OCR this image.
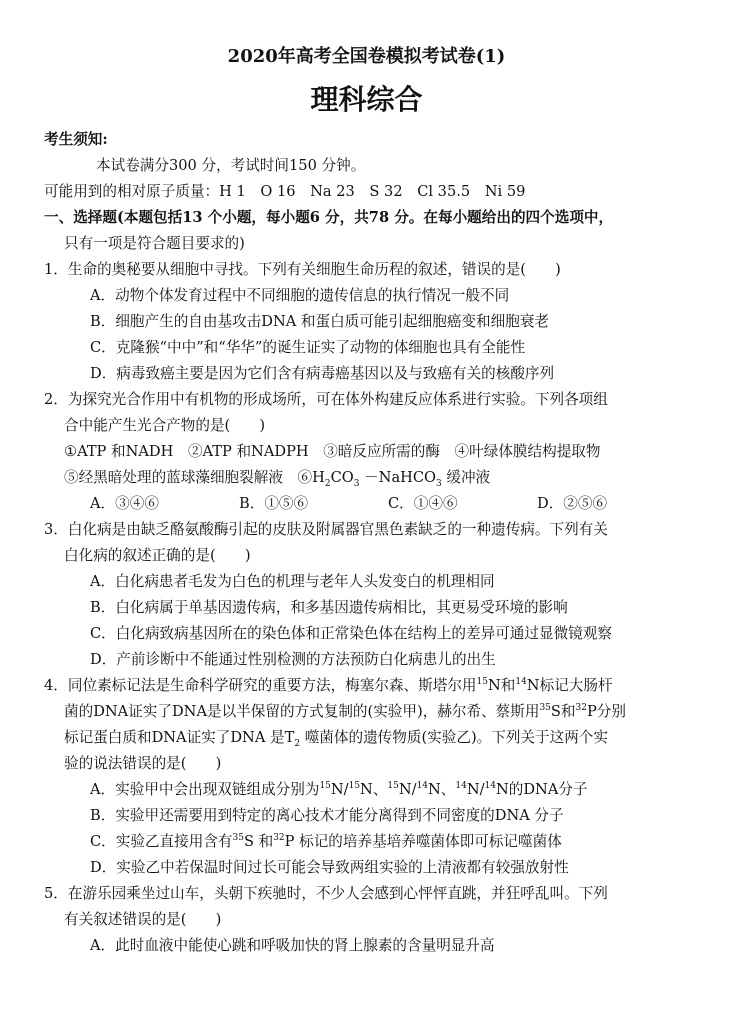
2020年高考全国卷模拟考试卷(1)
理科综合
考生须知:
本试卷满分300 分，考试时间150 分钟。
可能用到的相对原子质量：H 1　O 16　Na 23　S 32　Cl 35.5　Ni 59
一、选择题(本题包括13 个小题，每小题6 分，共78 分。在每小题给出的四个选项中，
只有一项是符合题目要求的)
1．生命的奥秘要从细胞中寻找。下列有关细胞生命历程的叙述，错误的是(　　)
A．动物个体发育过程中不同细胞的遗传信息的执行情况一般不同
B．细胞产生的自由基攻击DNA 和蛋白质可能引起细胞癌变和细胞衰老
C．克隆猴“中中”和“华华”的诞生证实了动物的体细胞也具有全能性
D．病毒致癌主要是因为它们含有病毒癌基因以及与致癌有关的核酸序列
2．为探究光合作用中有机物的形成场所，可在体外构建反应体系进行实验。下列各项组
合中能产生光合产物的是(　　)
①ATP 和NADH　②ATP 和NADPH　③暗反应所需的酶　④叶绿体膜结构提取物
⑤经黑暗处理的蓝球藻细胞裂解液　$⑥H_2CO_3$ －NaHCO$_3$ 缓冲液
A．③④⑥	B．①⑤⑥	C．①④⑥	D．②⑤⑥
3．白化病是由缺乏酪氨酸酶引起的皮肤及附属器官黑色素缺乏的一种遗传病。下列有关
白化病的叙述正确的是(　　)
A．白化病患者毛发为白色的机理与老年人头发变白的机理相同
B．白化病属于单基因遗传病，和多基因遗传病相比，其更易受环境的影响
C．白化病致病基因所在的染色体和正常染色体在结构上的差异可通过显微镜观察
D．产前诊断中不能通过性别检测的方法预防白化病患儿的出生
4．同位素标记法是生命科学研究的重要方法，梅塞尔森、斯塔尔用$^{15}$N和$^{14}$N标记大肠杆
菌的DNA证实了DNA是以半保留的方式复制的(实验甲)，赫尔希、蔡斯用$^{35}$S和$^{32}$P分别
标记蛋白质和DNA证实了DNA 是$T_2$ 噬菌体的遗传物质(实验乙)。下列关于这两个实
验的说法错误的是(　　)
A．实验甲中会出现双链组成分别为$^{15}$N/$^{15}$N、$^{15}$N/$^{14}$N、$^{14}$N/$^{14}$N的DNA分子
B．实验甲还需要用到特定的离心技术才能分离得到不同密度的DNA 分子
C．实验乙直接用含有$^{35}$S 和$^{32}$P 标记的培养基培养噬菌体即可标记噬菌体
D．实验乙中若保温时间过长可能会导致两组实验的上清液都有较强放射性
5．在游乐园乘坐过山车，头朝下疾驰时，不少人会感到心怦怦直跳，并狂呼乱叫。下列
有关叙述错误的是(　　)
A．此时血液中能使心跳和呼吸加快的肾上腺素的含量明显升高
